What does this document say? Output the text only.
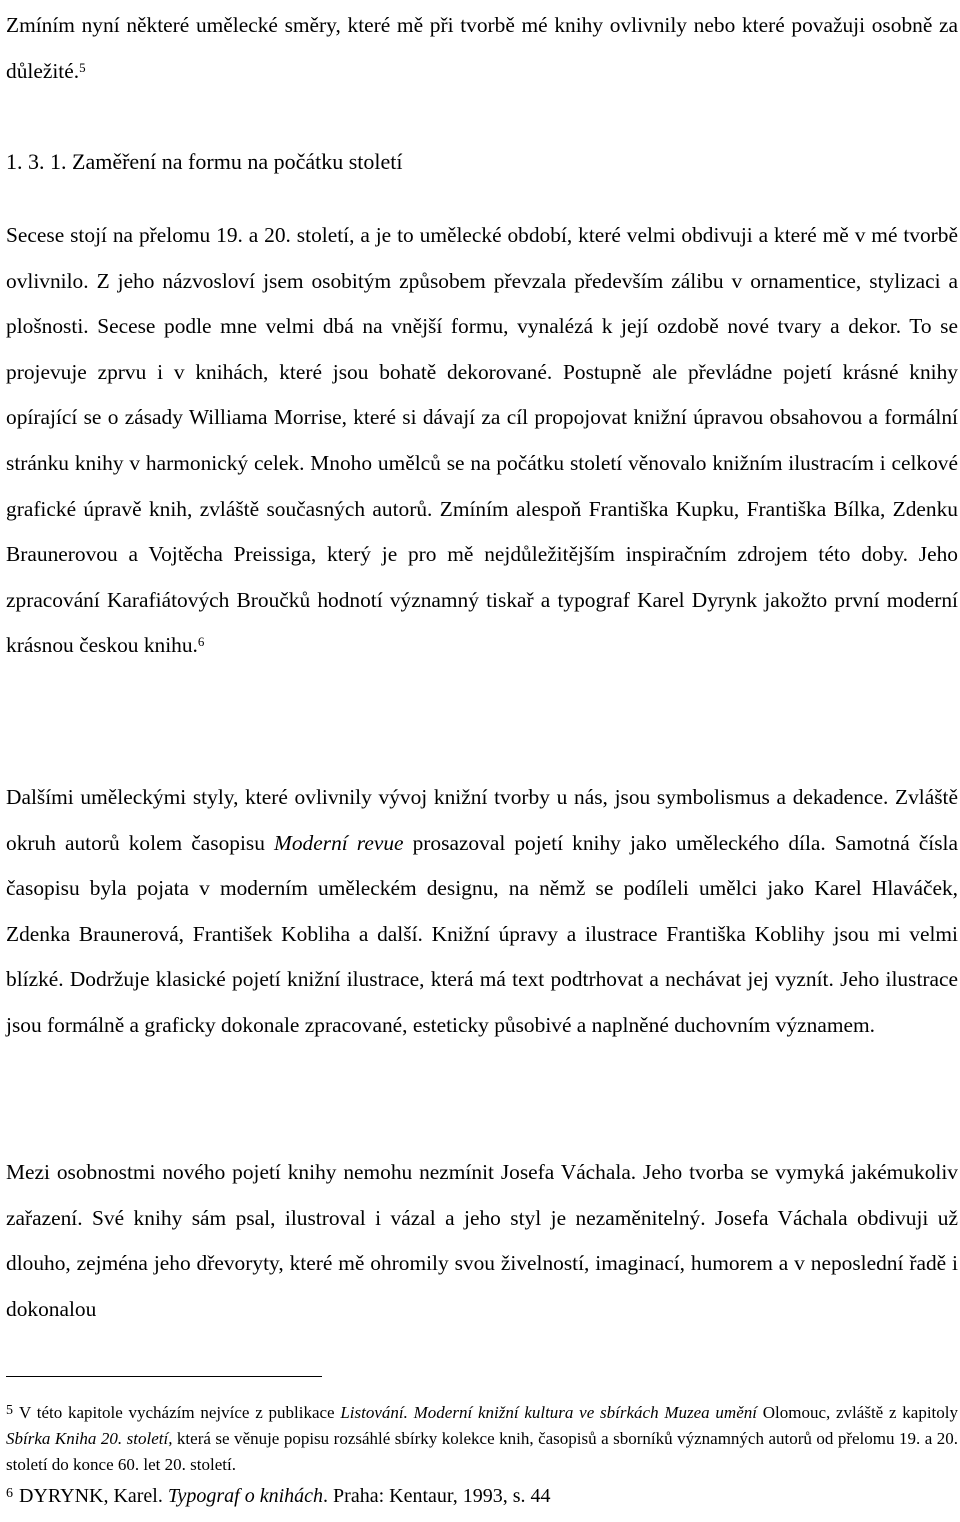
Zmíním nyní některé umělecké směry, které mě při tvorbě mé knihy ovlivnily nebo které považuji osobně za důležité.$^5$

1. 3. 1. Zaměření na formu na počátku století

Secese stojí na přelomu 19. a 20. století, a je to umělecké období, které velmi obdivuji a které mě v mé tvorbě ovlivnilo. Z jeho názvosloví jsem osobitým způsobem převzala především zálibu v ornamentice, stylizaci a plošnosti. Secese podle mne velmi dbá na vnější formu, vynalézá k její ozdobě nové tvary a dekor. To se projevuje zprvu i v knihách, které jsou bohatě dekorované. Postupně ale převládne pojetí krásné knihy opírající se o zásady Williama Morrise, které si dávají za cíl propojovat knižní úpravou obsahovou a formální stránku knihy v harmonický celek. Mnoho umělců se na počátku století věnovalo knižním ilustracím i celkové grafické úpravě knih, zvláště současných autorů. Zmíním alespoň Františka Kupku, Františka Bílka, Zdenku Braunerovou a Vojtěcha Preissiga, který je pro mě nejdůležitějším inspiračním zdrojem této doby. Jeho zpracování Karafiátových Broučků hodnotí významný tiskař a typograf Karel Dyrynk jakožto první moderní krásnou českou knihu.$^6$

Dalšími uměleckými styly, které ovlivnily vývoj knižní tvorby u nás, jsou symbolismus a dekadence. Zvláště okruh autorů kolem časopisu Moderní revue prosazoval pojetí knihy jako uměleckého díla. Samotná čísla časopisu byla pojata v moderním uměleckém designu, na němž se podíleli umělci jako Karel Hlaváček, Zdenka Braunerová, František Kobliha a další. Knižní úpravy a ilustrace Františka Koblihy jsou mi velmi blízké. Dodržuje klasické pojetí knižní ilustrace, která má text podtrhovat a nechávat jej vyznít. Jeho ilustrace jsou formálně a graficky dokonale zpracované, esteticky působivé a naplněné duchovním významem.

Mezi osobnostmi nového pojetí knihy nemohu nezmínit Josefa Váchala. Jeho tvorba se vymyká jakémukoliv zařazení. Své knihy sám psal, ilustroval i vázal a jeho styl je nezaměnitelný. Josefa Váchala obdivuji už dlouho, zejména jeho dřevoryty, které mě ohromily svou živelností, imaginací, humorem a v neposlední řadě i dokonalou

$^5$ V této kapitole vycházím nejvíce z publikace Listování. Moderní knižní kultura ve sbírkách Muzea umění Olomouc, zvláště z kapitoly Sbírka Kniha 20. století, která se věnuje popisu rozsáhlé sbírky kolekce knih, časopisů a sborníků významných autorů od přelomu 19. a 20. století do konce 60. let 20. století.

$^6$ DYRYNK, Karel. Typograf o knihách. Praha: Kentaur, 1993, s. 44
